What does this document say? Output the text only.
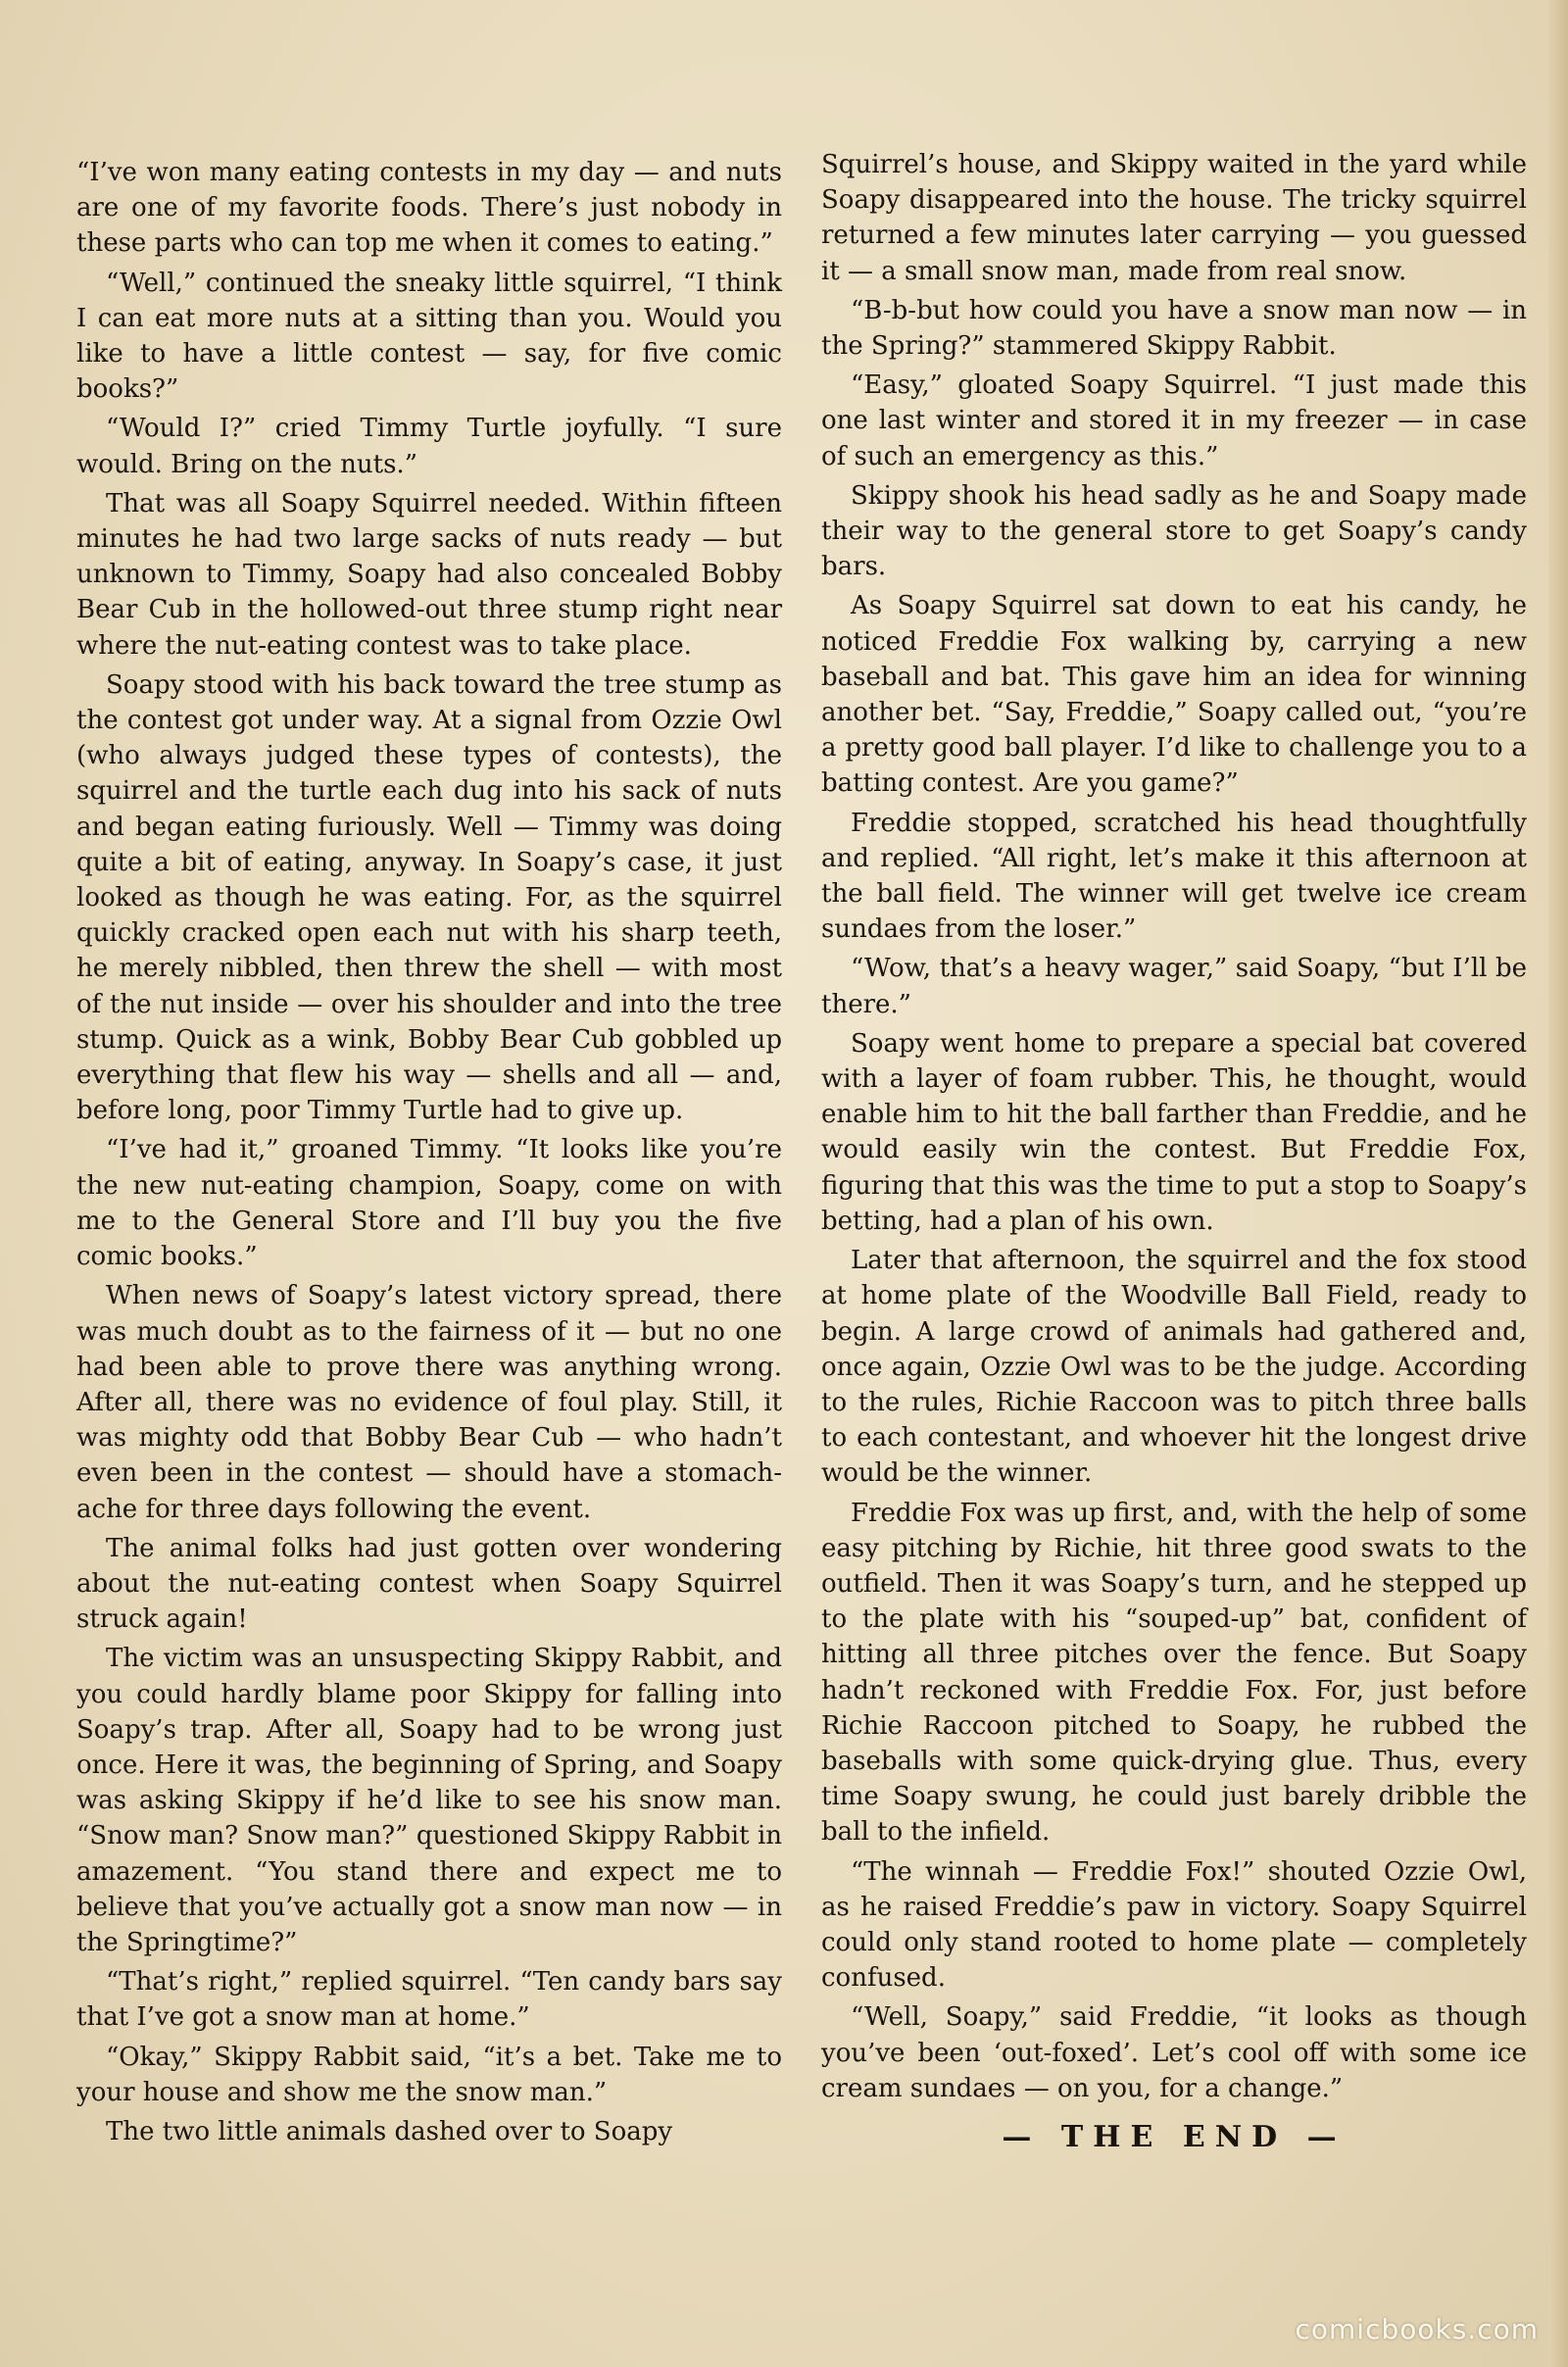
“I’ve won many eating contests in my day — and nuts are one of my favorite foods. There’s just nobody in these parts who can top me when it comes to eating.”

“Well,” continued the sneaky little squirrel, “I think I can eat more nuts at a sitting than you. Would you like to have a little contest — say, for five comic books?”

“Would I?” cried Timmy Turtle joyfully. “I sure would. Bring on the nuts.”

That was all Soapy Squirrel needed. Within fifteen minutes he had two large sacks of nuts ready — but unknown to Timmy, Soapy had also concealed Bobby Bear Cub in the hollowed-out three stump right near where the nut-eating contest was to take place.

Soapy stood with his back toward the tree stump as the contest got under way. At a signal from Ozzie Owl (who always judged these types of contests), the squirrel and the turtle each dug into his sack of nuts and began eating furiously. Well — Timmy was doing quite a bit of eating, anyway. In Soapy’s case, it just looked as though he was eating. For, as the squirrel quickly cracked open each nut with his sharp teeth, he merely nibbled, then threw the shell — with most of the nut inside — over his shoulder and into the tree stump. Quick as a wink, Bobby Bear Cub gobbled up everything that flew his way — shells and all — and, before long, poor Timmy Turtle had to give up.

“I’ve had it,” groaned Timmy. “It looks like you’re the new nut-eating champion, Soapy, come on with me to the General Store and I’ll buy you the five comic books.”

When news of Soapy’s latest victory spread, there was much doubt as to the fairness of it — but no one had been able to prove there was anything wrong. After all, there was no evidence of foul play. Still, it was mighty odd that Bobby Bear Cub — who hadn’t even been in the contest — should have a stomach-ache for three days following the event.

The animal folks had just gotten over wondering about the nut-eating contest when Soapy Squirrel struck again!

The victim was an unsuspecting Skippy Rabbit, and you could hardly blame poor Skippy for falling into Soapy’s trap. After all, Soapy had to be wrong just once. Here it was, the beginning of Spring, and Soapy was asking Skippy if he’d like to see his snow man. “Snow man? Snow man?” questioned Skippy Rabbit in amazement. “You stand there and expect me to believe that you’ve actually got a snow man now — in the Springtime?”

“That’s right,” replied squirrel. “Ten candy bars say that I’ve got a snow man at home.”

“Okay,” Skippy Rabbit said, “it’s a bet. Take me to your house and show me the snow man.”

The two little animals dashed over to Soapy

Squirrel’s house, and Skippy waited in the yard while Soapy disappeared into the house. The tricky squirrel returned a few minutes later carrying — you guessed it — a small snow man, made from real snow.

“B-b-but how could you have a snow man now — in the Spring?” stammered Skippy Rabbit.

“Easy,” gloated Soapy Squirrel. “I just made this one last winter and stored it in my freezer — in case of such an emergency as this.”

Skippy shook his head sadly as he and Soapy made their way to the general store to get Soapy’s candy bars.

As Soapy Squirrel sat down to eat his candy, he noticed Freddie Fox walking by, carrying a new baseball and bat. This gave him an idea for winning another bet. “Say, Freddie,” Soapy called out, “you’re a pretty good ball player. I’d like to challenge you to a batting contest. Are you game?”

Freddie stopped, scratched his head thoughtfully and replied. “All right, let’s make it this afternoon at the ball field. The winner will get twelve ice cream sundaes from the loser.”

“Wow, that’s a heavy wager,” said Soapy, “but I’ll be there.”

Soapy went home to prepare a special bat covered with a layer of foam rubber. This, he thought, would enable him to hit the ball farther than Freddie, and he would easily win the contest. But Freddie Fox, figuring that this was the time to put a stop to Soapy’s betting, had a plan of his own.

Later that afternoon, the squirrel and the fox stood at home plate of the Woodville Ball Field, ready to begin. A large crowd of animals had gathered and, once again, Ozzie Owl was to be the judge. According to the rules, Richie Raccoon was to pitch three balls to each contestant, and whoever hit the longest drive would be the winner.

Freddie Fox was up first, and, with the help of some easy pitching by Richie, hit three good swats to the outfield. Then it was Soapy’s turn, and he stepped up to the plate with his “souped-up” bat, confident of hitting all three pitches over the fence. But Soapy hadn’t reckoned with Freddie Fox. For, just before Richie Raccoon pitched to Soapy, he rubbed the baseballs with some quick-drying glue. Thus, every time Soapy swung, he could just barely dribble the ball to the infield.

“The winnah — Freddie Fox!” shouted Ozzie Owl, as he raised Freddie’s paw in victory. Soapy Squirrel could only stand rooted to home plate — completely confused.

“Well, Soapy,” said Freddie, “it looks as though you’ve been ‘out-foxed’. Let’s cool off with some ice cream sundaes — on you, for a change.”

— THE END —
comicbooks.com
